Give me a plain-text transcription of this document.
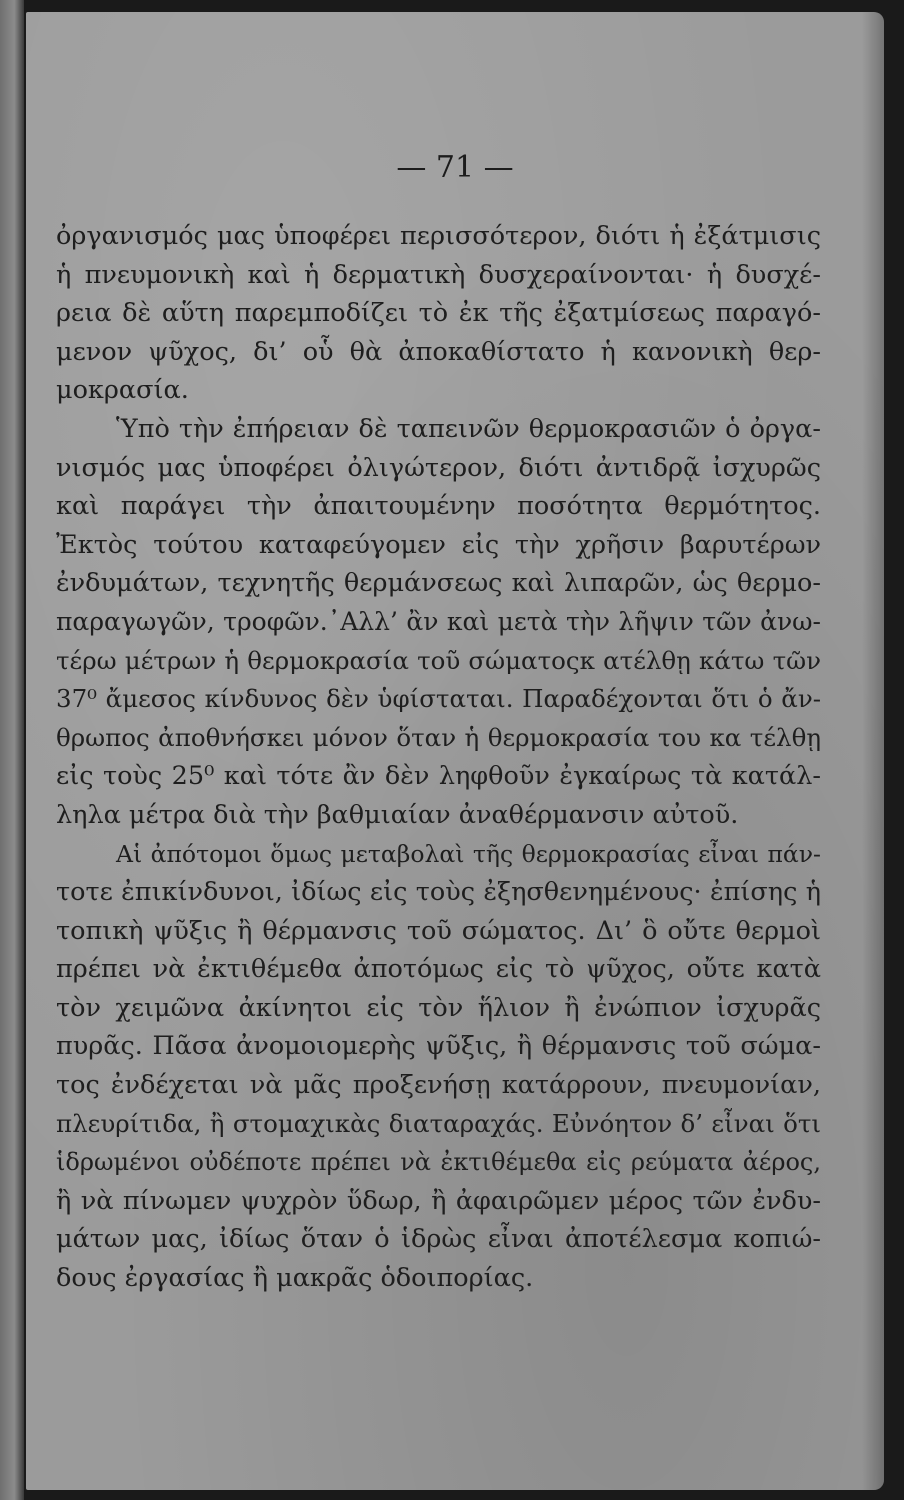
— 71 —

ὀργανισμός μας ὑποφέρει περισσότερον, διότι ἡ ἐξάτμισις
ἡ πνευμονικὴ καὶ ἡ δερματικὴ δυσχεραίνονται· ἡ δυσχέ-
ρεια δὲ αὕτη παρεμποδίζει τὸ ἐκ τῆς ἐξατμίσεως παραγό-
μενον ψῦχος, δι’ οὗ θὰ ἀποκαθίστατο ἡ κανονικὴ θερ-
μοκρασία.
Ὑπὸ τὴν ἐπήρειαν δὲ ταπεινῶν θερμοκρασιῶν ὁ ὀργα-
νισμός μας ὑποφέρει ὀλιγώτερον, διότι ἀντιδρᾷ ἰσχυρῶς
καὶ παράγει τὴν ἀπαιτουμένην ποσότητα θερμότητος.
Ἐκτὸς τούτου καταφεύγομεν εἰς τὴν χρῆσιν βαρυτέρων
ἐνδυμάτων, τεχνητῆς θερμάνσεως καὶ λιπαρῶν, ὡς θερμο-
παραγωγῶν, τροφῶν.᾿Αλλ’ ἂν καὶ μετὰ τὴν λῆψιν τῶν ἀνω-
τέρω μέτρων ἡ θερμοκρασία τοῦ σώματοςκ ατέλθῃ κάτω τῶν
37⁰ ἄμεσος κίνδυνος δὲν ὑφίσταται. Παραδέχονται ὅτι ὁ ἄν-
θρωπος ἀποθνήσκει μόνον ὅταν ἡ θερμοκρασία του κα τέλθῃ
εἰς τοὺς 25⁰ καὶ τότε ἂν δὲν ληφθοῦν ἐγκαίρως τὰ κατάλ-
ληλα μέτρα διὰ τὴν βαθμιαίαν ἀναθέρμανσιν αὐτοῦ.
Αἱ ἀπότομοι ὅμως μεταβολαὶ τῆς θερμοκρασίας εἶναι πάν-
τοτε ἐπικίνδυνοι, ἰδίως εἰς τοὺς ἐξησθενημένους· ἐπίσης ἡ
τοπικὴ ψῦξις ἢ θέρμανσις τοῦ σώματος. Δι’ ὃ οὔτε θερμοὶ
πρέπει νὰ ἐκτιθέμεθα ἀποτόμως εἰς τὸ ψῦχος, οὔτε κατὰ
τὸν χειμῶνα ἀκίνητοι εἰς τὸν ἥλιον ἢ ἐνώπιον ἰσχυρᾶς
πυρᾶς. Πᾶσα ἀνομοιομερὴς ψῦξις, ἢ θέρμανσις τοῦ σώμα-
τος ἐνδέχεται νὰ μᾶς προξενήσῃ κατάρρουν, πνευμονίαν,
πλευρίτιδα, ἢ στομαχικὰς διαταραχάς. Εὐνόητον δ’ εἶναι ὅτι
ἱδρωμένοι οὐδέποτε πρέπει νὰ ἐκτιθέμεθα εἰς ρεύματα ἀέρος,
ἢ νὰ πίνωμεν ψυχρὸν ὕδωρ, ἢ ἀφαιρῶμεν μέρος τῶν ἐνδυ-
μάτων μας, ἰδίως ὅταν ὁ ἱδρὼς εἶναι ἀποτέλεσμα κοπιώ-
δους ἐργασίας ἢ μακρᾶς ὁδοιπορίας.
